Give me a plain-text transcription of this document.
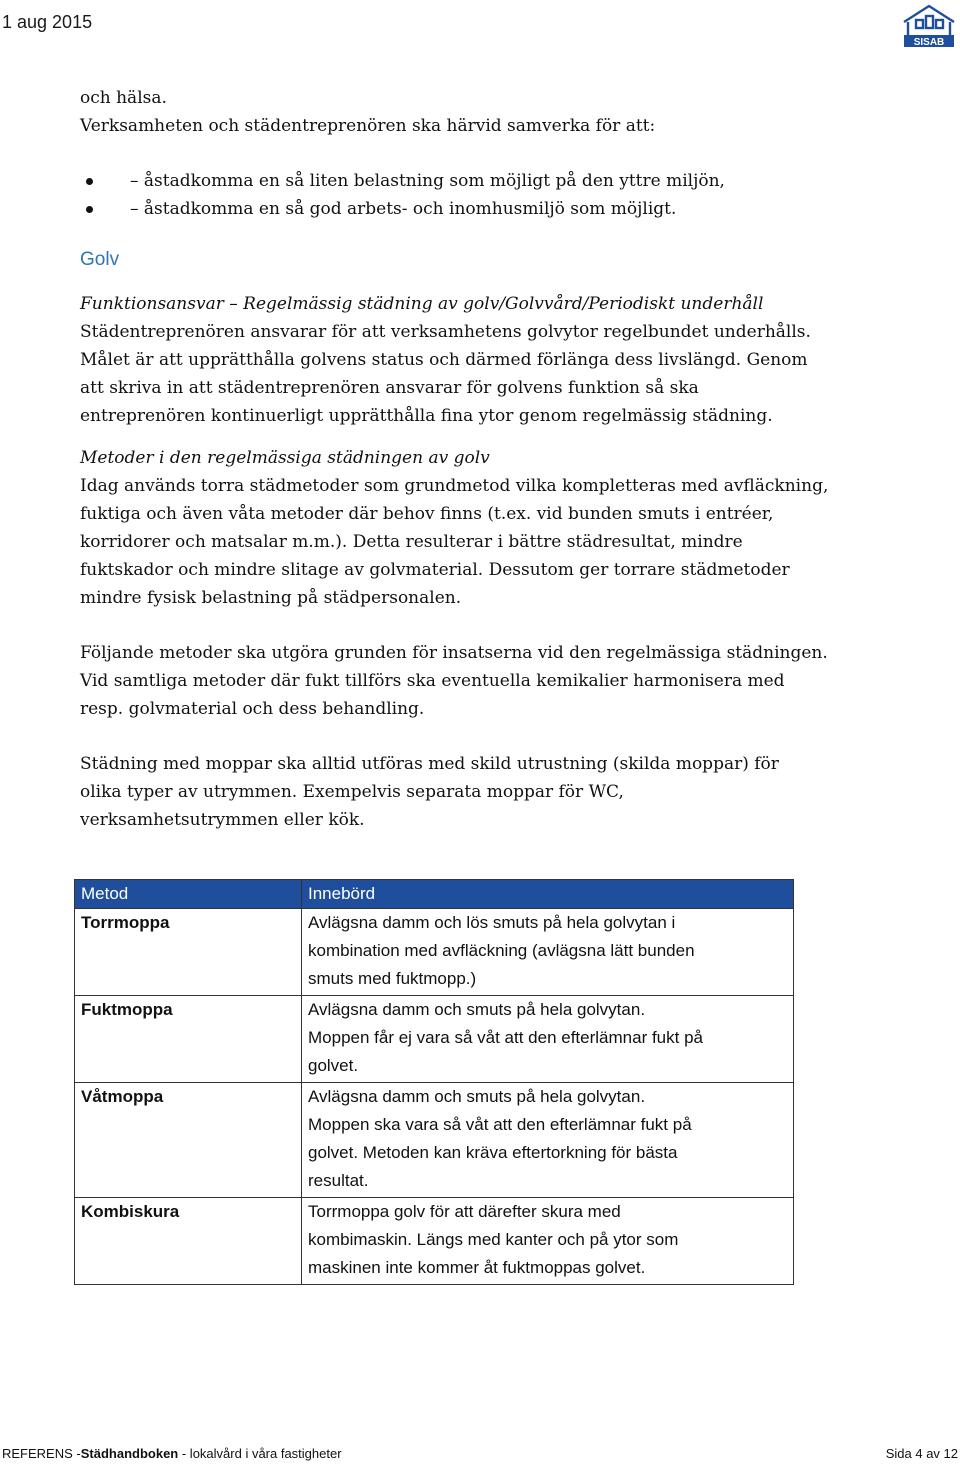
1 aug 2015
SISAB

och hälsa.

Verksamheten och städentreprenören ska härvid samverka för att:

– åstadkomma en så liten belastning som möjligt på den yttre miljön,
– åstadkomma en så god arbets- och inomhusmiljö som möjligt.
Golv
Funktionsansvar – Regelmässig städning av golv/Golvvård/Periodiskt underhåll

Städentreprenören ansvarar för att verksamhetens golvytor regelbundet underhålls.

Målet är att upprätthålla golvens status och därmed förlänga dess livslängd. Genom

att skriva in att städentreprenören ansvarar för golvens funktion så ska

entreprenören kontinuerligt upprätthålla fina ytor genom regelmässig städning.

Metoder i den regelmässiga städningen av golv

Idag används torra städmetoder som grundmetod vilka kompletteras med avfläckning,

fuktiga och även våta metoder där behov finns (t.ex. vid bunden smuts i entréer,

korridorer och matsalar m.m.). Detta resulterar i bättre städresultat, mindre

fuktskador och mindre slitage av golvmaterial. Dessutom ger torrare städmetoder

mindre fysisk belastning på städpersonalen.

Följande metoder ska utgöra grunden för insatserna vid den regelmässiga städningen.

Vid samtliga metoder där fukt tillförs ska eventuella kemikalier harmonisera med

resp. golvmaterial och dess behandling.

Städning med moppar ska alltid utföras med skild utrustning (skilda moppar) för

olika typer av utrymmen. Exempelvis separata moppar för WC,

verksamhetsutrymmen eller kök.

Metod	Innebörd
Torrmoppa	Avlägsna damm och lös smuts på hela golvytan i
kombination med avfläckning (avlägsna lätt bunden
smuts med fuktmopp.)

Fuktmoppa	Avlägsna damm och smuts på hela golvytan.
Moppen får ej vara så våt att den efterlämnar fukt på
golvet.

Våtmoppa	Avlägsna damm och smuts på hela golvytan.
Moppen ska vara så våt att den efterlämnar fukt på
golvet. Metoden kan kräva eftertorkning för bästa
resultat.

Kombiskura	Torrmoppa golv för att därefter skura med
kombimaskin. Längs med kanter och på ytor som
maskinen inte kommer åt fuktmoppas golvet.
REFERENS -Städhandboken - lokalvård i våra fastigheter	Sida 4 av 12
